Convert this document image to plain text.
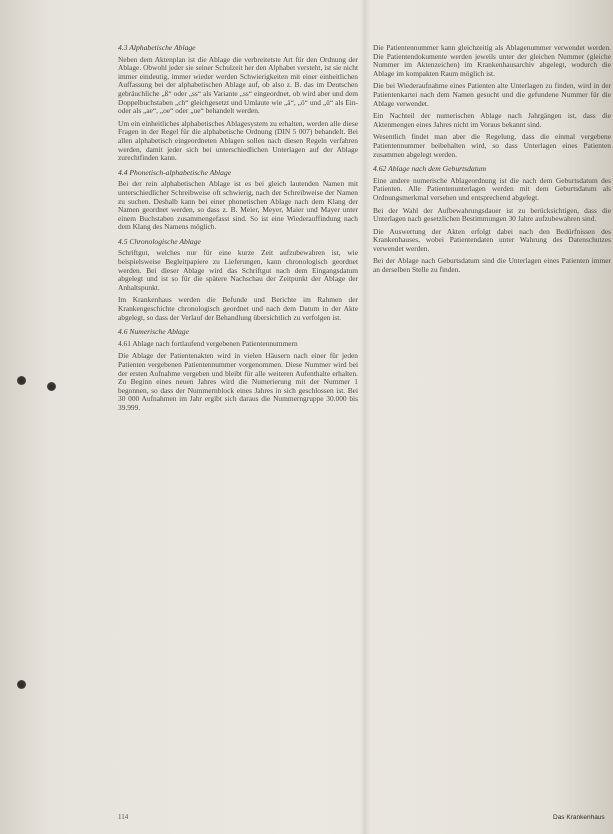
4.3 Alphabetische Ablage

Neben dem Aktenplan ist die Ablage die verbreitetste Art für den Ordnung der Ablage. Obwohl jeder sie seiner Schulzeit her den Alphabet versteht, ist sie nicht immer eindeutig, immer wieder werden Schwierigkeiten mit einer einheitlichen Auffassung bei der alphabetischen Ablage auf, ob also z. B. das im Deutschen gebräuchliche „ß“ oder „ss“ als Variante „ss“ eingeordnet, ob wird aber und dem Doppelbuchstaben „ch“ gleichgesetzt und Umlaute wie „ä“, „ö“ und „ü“ als Ein- oder als „ae“, „oe“ oder „ue“ behandelt werden.

Um ein einheitliches alphabetisches Ablagesystem zu erhalten, werden alle diese Fragen in der Regel für die alphabetische Ordnung (DIN 5 007) behandelt. Bei allen alphabetisch eingeordneten Ablagen sollen nach diesen Regeln verfahren werden, damit jeder sich bei unterschiedlichen Unterlagen auf der Ablage zurechtfinden kann.

4.4 Phonetisch-alphabetische Ablage

Bei der rein alphabetischen Ablage ist es bei gleich lautenden Namen mit unterschiedlicher Schreibweise oft schwierig, nach der Schreibweise der Namen zu suchen. Deshalb kann bei einer phonetischen Ablage nach dem Klang der Namen geordnet werden, so dass z. B. Meier, Meyer, Maier und Mayer unter einem Buchstaben zusammengefasst sind. So ist eine Wiederauffindung nach dem Klang des Namens möglich.

4.5 Chronologische Ablage

Schriftgut, welches nur für eine kurze Zeit aufzubewahren ist, wie beispielsweise Begleitpapiere zu Lieferungen, kann chronologisch geordnet werden. Bei dieser Ablage wird das Schriftgut nach dem Eingangsdatum abgelegt und ist so für die spätere Nachschau der Zeitpunkt der Ablage der Anhaltspunkt.

Im Krankenhaus werden die Befunde und Berichte im Rahmen der Krankengeschichte chronologisch geordnet und nach dem Datum in der Akte abgelegt, so dass der Verlauf der Behandlung übersichtlich zu verfolgen ist.

4.6 Numerische Ablage

4.61 Ablage nach fortlaufend vergebenen Patientennummern

Die Ablage der Patientenakten wird in vielen Häusern nach einer für jeden Patienten vergebenen Patientennummer vorgenommen. Diese Nummer wird bei der ersten Aufnahme vergeben und bleibt für alle weiteren Aufenthalte erhalten. Zu Beginn eines neuen Jahres wird die Numerierung mit der Nummer 1 begonnen, so dass der Nummernblock eines Jahres in sich geschlossen ist. Bei 30 000 Aufnahmen im Jahr ergibt sich daraus die Nummerngruppe 30.000 bis 39.999.

Die Patientennummer kann gleichzeitig als Ablagenummer verwendet werden. Die Patientendokumente werden jeweils unter der gleichen Nummer (gleiche Nummer im Aktenzeichen) im Krankenhausarchiv abgelegt, wodurch die Ablage im kompakten Raum möglich ist.

Die bei Wiederaufnahme eines Patienten alte Unterlagen zu finden, wird in der Patientenkartei nach dem Namen gesucht und die gefundene Nummer für die Ablage verwendet.

Ein Nachteil der numerischen Ablage nach Jahrgängen ist, dass die Aktenmengen eines Jahres nicht im Voraus bekannt sind.

Wesentlich findet man aber die Regelung, dass die einmal vergebene Patientennummer beibehalten wird, so dass Unterlagen eines Patienten zusammen abgelegt werden.

4.62 Ablage nach dem Geburtsdatum

Eine andere numerische Ablageordnung ist die nach dem Geburtsdatum des Patienten. Alle Patientenunterlagen werden mit dem Geburtsdatum als Ordnungsmerkmal versehen und entsprechend abgelegt.

Bei der Wahl der Aufbewahrungsdauer ist zu berücksichtigen, dass die Unterlagen nach gesetzlichen Bestimmungen 30 Jahre aufzubewahren sind.

Die Auswertung der Akten erfolgt dabei nach den Bedürfnissen des Krankenhauses, wobei Patientendaten unter Wahrung des Datenschutzes verwendet werden.

Bei der Ablage nach Geburtsdatum sind die Unterlagen eines Patienten immer an derselben Stelle zu finden.

114	Das Krankenhaus
